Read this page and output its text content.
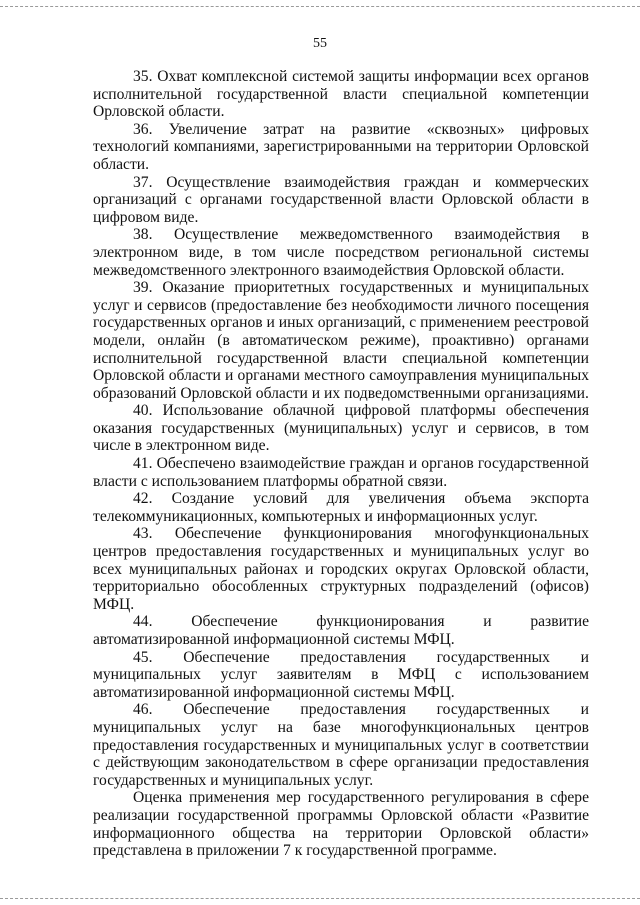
55

35. Охват комплексной системой защиты информации всех органов исполнительной государственной власти специальной компетенции Орловской области.

36. Увеличение затрат на развитие «сквозных» цифровых технологий компаниями, зарегистрированными на территории Орловской области.

37. Осуществление взаимодействия граждан и коммерческих организаций с органами государственной власти Орловской области в цифровом виде.

38. Осуществление межведомственного взаимодействия в электронном виде, в том числе посредством региональной системы межведомственного электронного взаимодействия Орловской области.

39. Оказание приоритетных государственных и муниципальных услуг и сервисов (предоставление без необходимости личного посещения государственных органов и иных организаций, с применением реестровой модели, онлайн (в автоматическом режиме), проактивно) органами исполнительной государственной власти специальной компетенции Орловской области и органами местного самоуправления муниципальных образований Орловской области и их подведомственными организациями.

40. Использование облачной цифровой платформы обеспечения оказания государственных (муниципальных) услуг и сервисов, в том числе в электронном виде.

41. Обеспечено взаимодействие граждан и органов государственной власти с использованием платформы обратной связи.

42. Создание условий для увеличения объема экспорта телекоммуникационных, компьютерных и информационных услуг.

43. Обеспечение функционирования многофункциональных центров предоставления государственных и муниципальных услуг во всех муниципальных районах и городских округах Орловской области, территориально обособленных структурных подразделений (офисов) МФЦ.

44. Обеспечение функционирования и развитие автоматизированной информационной системы МФЦ.

45. Обеспечение предоставления государственных и муниципальных услуг заявителям в МФЦ с использованием автоматизированной информационной системы МФЦ.

46. Обеспечение предоставления государственных и муниципальных услуг на базе многофункциональных центров предоставления государственных и муниципальных услуг в соответствии с действующим законодательством в сфере организации предоставления государственных и муниципальных услуг.

Оценка применения мер государственного регулирования в сфере реализации государственной программы Орловской области «Развитие информационного общества на территории Орловской области» представлена в приложении 7 к государственной программе.
